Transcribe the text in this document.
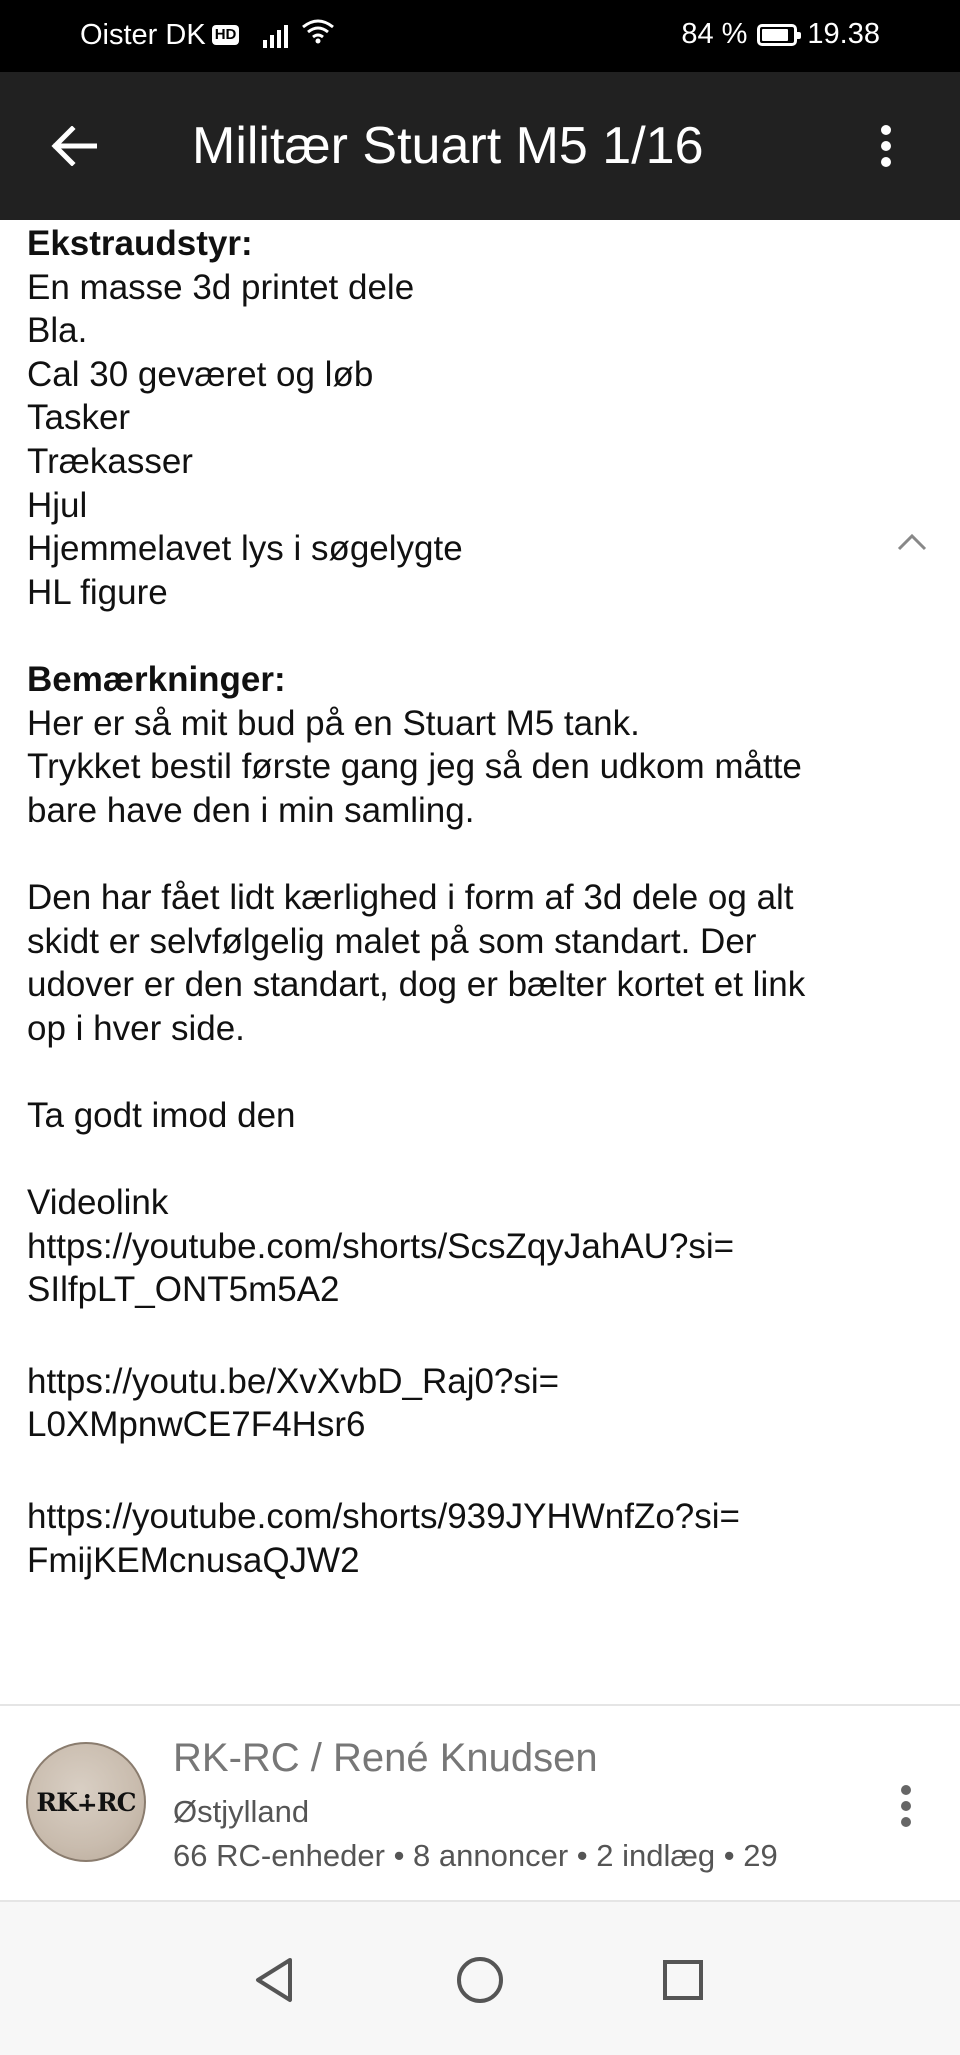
Oister DK HD	84 % 19.38
Militær Stuart M5 1/16
Ekstraudstyr:
En masse 3d printet dele
Bla.
Cal 30 geværet og løb
Tasker
Trækasser
Hjul
Hjemmelavet lys i søgelygte
HL figure
Bemærkninger:
Her er så mit bud på en Stuart M5 tank.
Trykket bestil første gang jeg så den udkom måtte
bare have den i min samling.
Den har fået lidt kærlighed i form af 3d dele og alt
skidt er selvfølgelig malet på som standart. Der
udover er den standart, dog er bælter kortet et link
op i hver side.
Ta godt imod den
Videolink
https://youtube.com/shorts/ScsZqyJahAU?si=
SIlfpLT_ONT5m5A2
https://youtu.be/XvXvbD_Raj0?si=
L0XMpnwCE7F4Hsr6
https://youtube.com/shorts/939JYHWnfZo?si=
FmijKEMcnusaQJW2
RK∔RC
RK-RC / René Knudsen
Østjylland
66 RC-enheder • 8 annoncer • 2 indlæg • 29
